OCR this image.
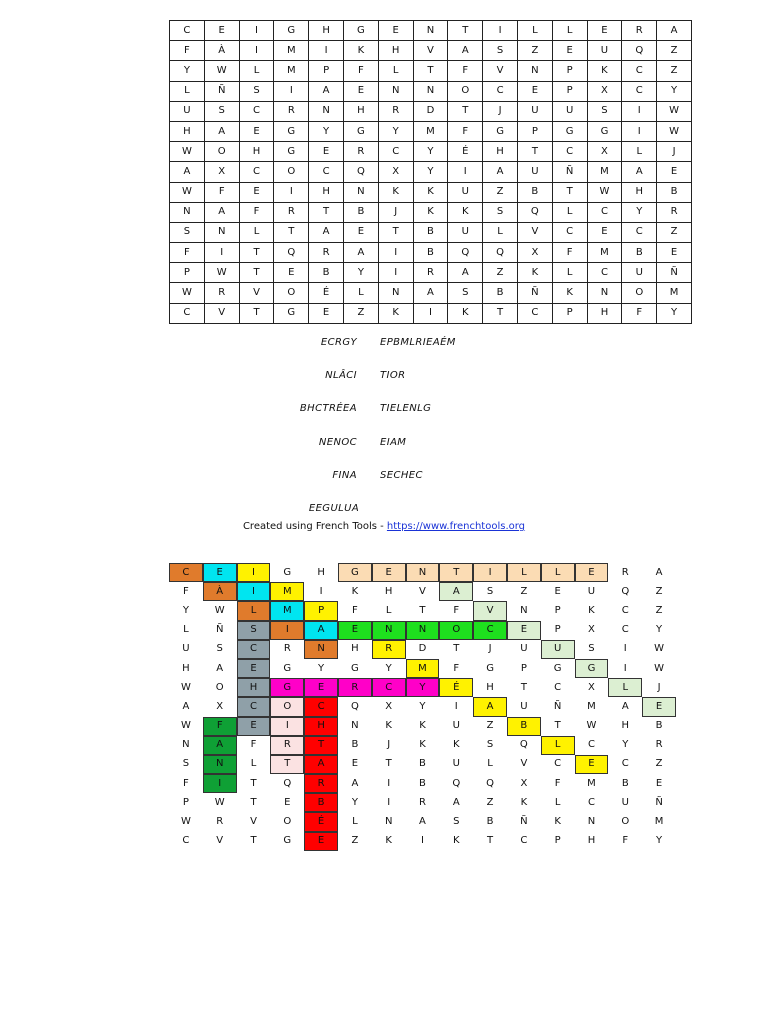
C	E	I	G	H	G	E	N	T	I	L	L	E	R	A
F	À	I	M	I	K	H	V	A	S	Z	E	U	Q	Z
Y	W	L	M	P	F	L	T	F	V	N	P	K	C	Z
L	Ñ	S	I	A	E	N	N	O	C	E	P	X	C	Y
U	S	C	R	N	H	R	D	T	J	U	U	S	I	W
H	A	E	G	Y	G	Y	M	F	G	P	G	G	I	W
W	O	H	G	E	R	C	Y	É	H	T	C	X	L	J
A	X	C	O	C	Q	X	Y	I	A	U	Ñ	M	A	E
W	F	E	I	H	N	K	K	U	Z	B	T	W	H	B
N	A	F	R	T	B	J	K	K	S	Q	L	C	Y	R
S	N	L	T	A	E	T	B	U	L	V	C	E	C	Z
F	I	T	Q	R	A	I	B	Q	Q	X	F	M	B	E
P	W	T	E	B	Y	I	R	A	Z	K	L	C	U	Ñ
W	R	V	O	É	L	N	A	S	B	Ñ	K	N	O	M
C	V	T	G	E	Z	K	I	K	T	C	P	H	F	Y
ECRGY EPBMLRIEAÉM
NLÂCI TIOR
BHCTRÉEA TIELENLG
NENOC EIAM
FINA SECHEC
EEGULUA
Created using French Tools - https://www.frenchtools.org
C	E	I	G	H	G	E	N	T	I	L	L	E	R	A
F	À	I	M	I	K	H	V	A	S	Z	E	U	Q	Z
Y	W	L	M	P	F	L	T	F	V	N	P	K	C	Z
L	Ñ	S	I	A	E	N	N	O	C	E	P	X	C	Y
U	S	C	R	N	H	R	D	T	J	U	U	S	I	W
H	A	E	G	Y	G	Y	M	F	G	P	G	G	I	W
W	O	H	G	E	R	C	Y	É	H	T	C	X	L	J
A	X	C	O	C	Q	X	Y	I	A	U	Ñ	M	A	E
W	F	E	I	H	N	K	K	U	Z	B	T	W	H	B
N	A	F	R	T	B	J	K	K	S	Q	L	C	Y	R
S	N	L	T	A	E	T	B	U	L	V	C	E	C	Z
F	I	T	Q	R	A	I	B	Q	Q	X	F	M	B	E
P	W	T	E	B	Y	I	R	A	Z	K	L	C	U	Ñ
W	R	V	O	É	L	N	A	S	B	Ñ	K	N	O	M
C	V	T	G	E	Z	K	I	K	T	C	P	H	F	Y
